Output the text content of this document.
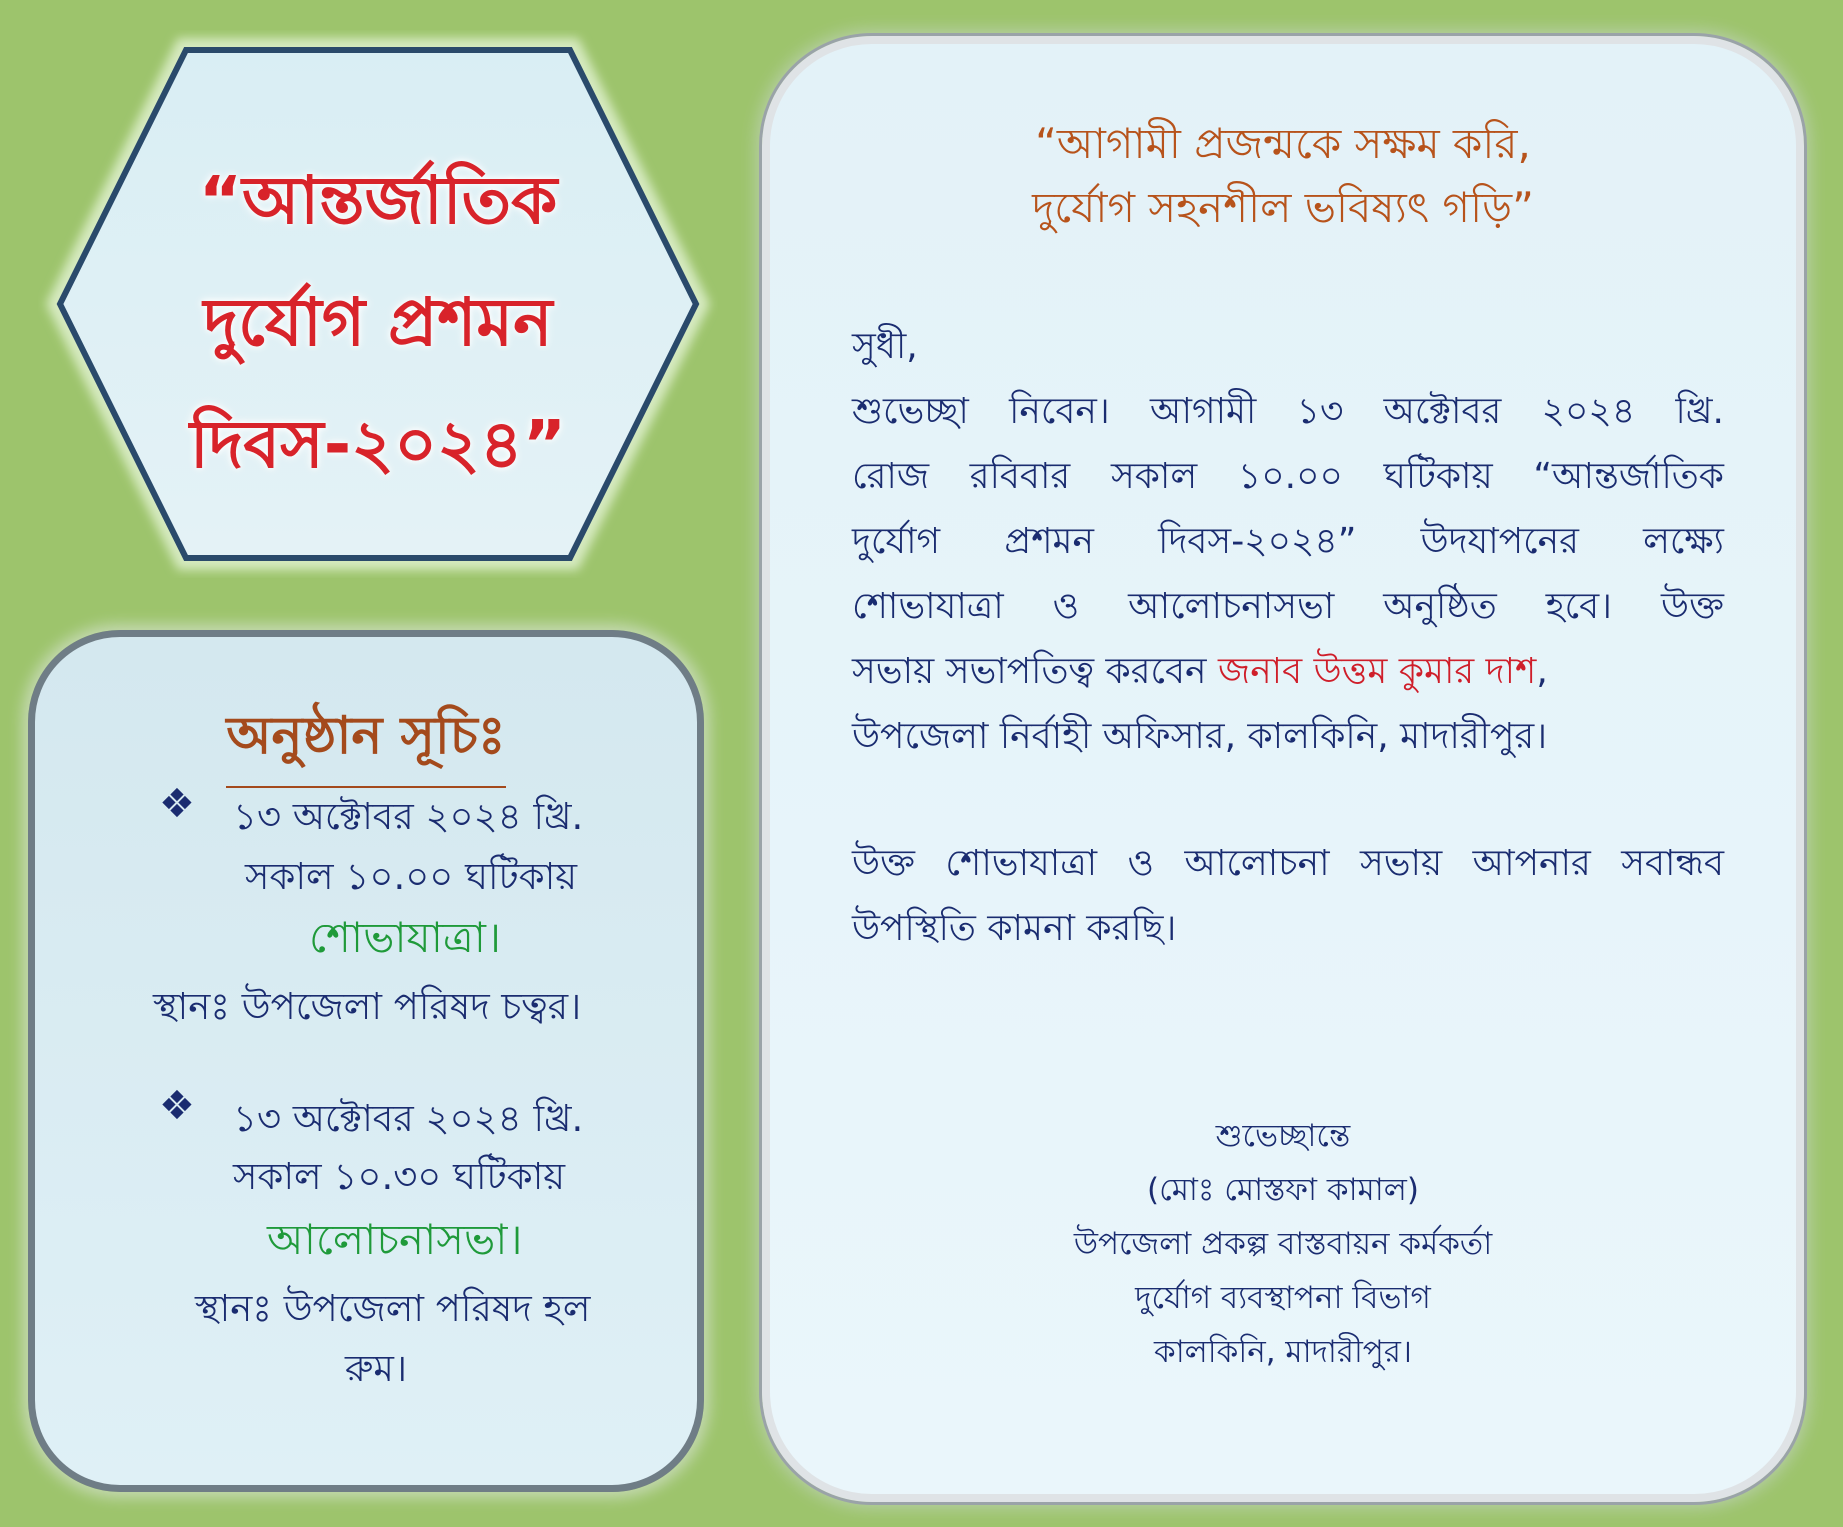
“আন্তর্জাতিক
দুর্যোগ প্রশমন
দিবস-২০২৪”
অনুষ্ঠান সূচিঃ
❖ ১৩ অক্টোবর ২০২৪ খ্রি.
সকাল ১০.০০ ঘটিকায়
শোভাযাত্রা।
স্থানঃ উপজেলা পরিষদ চত্বর।
❖ ১৩ অক্টোবর ২০২৪ খ্রি.
সকাল ১০.৩০ ঘটিকায়
আলোচনাসভা।
স্থানঃ উপজেলা পরিষদ হল
রুম।
“আগামী প্রজন্মকে সক্ষম করি,
দুর্যোগ সহনশীল ভবিষ্যৎ গড়ি”
সুধী,
শুভেচ্ছা নিবেন। আগামী ১৩ অক্টোবর ২০২৪ খ্রি.
রোজ রবিবার সকাল ১০.০০ ঘটিকায় “আন্তর্জাতিক
দুর্যোগ প্রশমন দিবস-২০২৪” উদযাপনের লক্ষ্যে
শোভাযাত্রা ও আলোচনাসভা অনুষ্ঠিত হবে। উক্ত
সভায় সভাপতিত্ব করবেন জনাব উত্তম কুমার দাশ,
উপজেলা নির্বাহী অফিসার, কালকিনি, মাদারীপুর।
উক্ত শোভাযাত্রা ও আলোচনা সভায় আপনার সবান্ধব
উপস্থিতি কামনা করছি।
শুভেচ্ছান্তে
(মোঃ মোস্তফা কামাল)
উপজেলা প্রকল্প বাস্তবায়ন কর্মকর্তা
দুর্যোগ ব্যবস্থাপনা বিভাগ
কালকিনি, মাদারীপুর।
